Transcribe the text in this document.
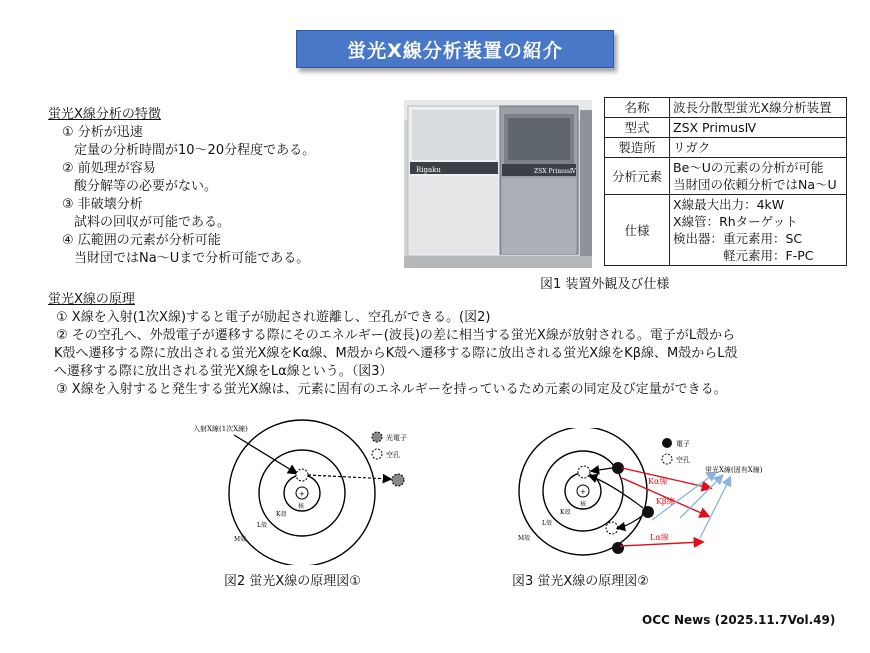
蛍光X線分析装置の紹介
蛍光X線分析の特徴
① 分析が迅速
定量の分析時間が10～20分程度である。
② 前処理が容易
酸分解等の必要がない。
③ 非破壊分析
試料の回収が可能である。
④ 広範囲の元素が分析可能
当財団ではNa～Uまで分析可能である。
Rigaku	ZSX PrimusⅣ
名称	波長分散型蛍光X線分析装置
型式	ZSX PrimusⅣ
製造所	リガク
分析元素	Be～Uの元素の分析が可能
当財団の依頼分析ではNa～U

仕様	X線最大出力：4kW
X線管：Rhターゲット
検出器：重元素用：SC
　　　　軽元素用：F-PC
図1 装置外観及び仕様
蛍光X線の原理
① X線を入射(1次X線)すると電子が励起され遊離し、空孔ができる。(図2)
② その空孔へ、外殻電子が遷移する際にそのエネルギー(波長)の差に相当する蛍光X線が放射される。電子がL殻から
K殻へ遷移する際に放出される蛍光X線をKα線、M殻からK殻へ遷移する際に放出される蛍光X線をKβ線、M殻からL殻
へ遷移する際に放出される蛍光X線をLα線という。（図3）
③ X線を入射すると発生する蛍光X線は、元素に固有のエネルギーを持っているため元素の同定及び定量ができる。
+
核
K殻
L殻
M殻
入射X線(1次X線)
光電子
空孔
+
核
K殻
L殻
M殻
Kα線
Kβ線
Lα線
蛍光X線(固有X線)
電子
空孔
図2 蛍光X線の原理図①	図3 蛍光X線の原理図②
OCC News (2025.11.7Vol.49)
